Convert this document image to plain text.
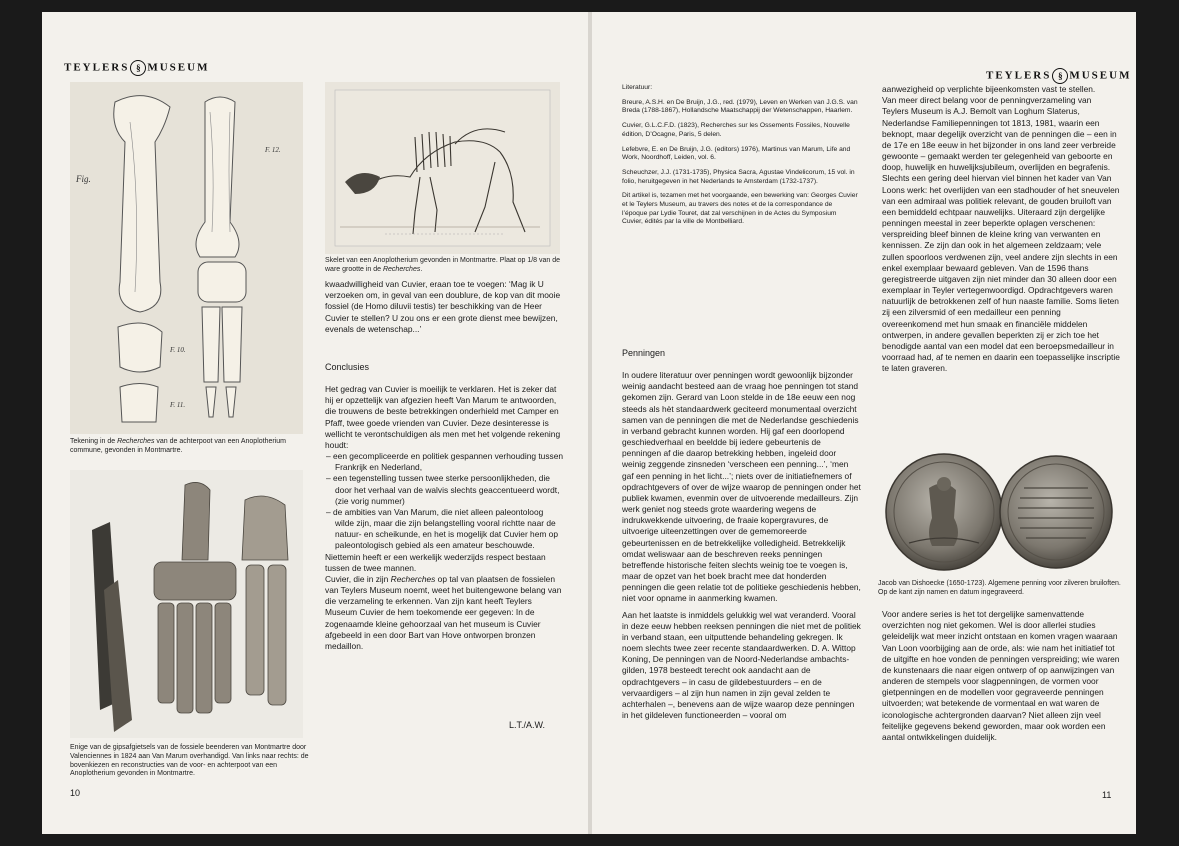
TEYLERS § MUSEUM
Fig.
F. 12.
F. 10.
F. 11.
Tekening in de Recherches van de achterpoot van een Anoplotherium commune, gevonden in Montmartre.
Enige van de gipsafgietsels van de fossiele beenderen van Montmartre door Valenciennes in 1824 aan Van Marum overhandigd. Van links naar rechts: de bovenkiezen en reconstructies van de voor- en achterpoot van een Anoplotherium gevonden in Montmartre.
Skelet van een Anoplotherium gevonden in Montmartre. Plaat op 1/8 van de ware grootte in de Recherches.

kwaadwilligheid van Cuvier, eraan toe te voegen: ‘Mag ik U verzoeken om, in geval van een doublure, de kop van dit mooie fossiel (de Homo diluvii testis) ter beschikking van de Heer Cuvier te stellen? U zou ons er een grote dienst mee bewijzen, evenals de wetenschap...’

Conclusies

Het gedrag van Cuvier is moeilijk te verklaren. Het is zeker dat hij er opzettelijk van afgezien heeft Van Marum te antwoorden, die trouwens de beste betrekkingen onderhield met Camper en Pfaff, twee goede vrienden van Cuvier. Deze desinteresse is wellicht te verontschuldigen als men met het volgende rekening houdt:

– een gecompliceerde en politiek gespannen verhouding tussen Frankrijk en Nederland,
– een tegenstelling tussen twee sterke persoonlijkheden, die door het verhaal van de walvis slechts geaccentueerd wordt, (zie vorig nummer)
– de ambities van Van Marum, die niet alleen paleontoloog wilde zijn, maar die zijn belangstelling vooral richtte naar de natuur- en scheikunde, en het is mogelijk dat Cuvier hem op paleontologisch gebied als een amateur beschouwde.

Niettemin heeft er een werkelijk wederzijds respect bestaan tussen de twee mannen.

Cuvier, die in zijn Recherches op tal van plaatsen de fossielen van Teylers Museum noemt, weet het buitengewone belang van die verzameling te erkennen. Van zijn kant heeft Teylers Museum Cuvier de hem toekomende eer gegeven: In de zogenaamde kleine gehoorzaal van het museum is Cuvier afgebeeld in een door Bart van Hove ontworpen bronzen medaillon.

L.T./A.W.
10
TEYLERS § MUSEUM

Literatuur:

Breure, A.S.H. en De Bruijn, J.G., red. (1979), Leven en Werken van J.G.S. van Breda (1788-1867), Hollandsche Maatschappij der Wetenschappen, Haarlem.

Cuvier, G.L.C.F.D. (1823), Recherches sur les Ossements Fossiles, Nouvelle édition, D’Ocagne, Paris, 5 delen.

Lefebvre, E. en De Bruijn, J.G. (editors) 1976), Martinus van Marum, Life and Work, Noordhoff, Leiden, vol. 6.

Scheuchzer, J.J. (1731-1735), Physica Sacra, Agustae Vindelicorum, 15 vol. in folio, heruitgegeven in het Nederlands te Amsterdam (1732-1737).

Dit artikel is, tezamen met het voorgaande, een bewerking van: Georges Cuvier et le Teylers Museum, au travers des notes et de la correspondance de l’époque par Lydie Touret, dat zal verschijnen in de Actes du Symposium Cuvier, édités par la ville de Montbelliard.

Penningen

In oudere literatuur over penningen wordt gewoonlijk bijzonder weinig aandacht besteed aan de vraag hoe penningen tot stand gekomen zijn. Gerard van Loon stelde in de 18e eeuw een nog steeds als hèt standaardwerk geciteerd monumentaal overzicht samen van de penningen die met de Nederlandse geschiedenis in verband gebracht kunnen worden. Hij gaf een doorlopend geschiedverhaal en beeldde bij iedere gebeurtenis de penningen af die daarop betrekking hebben, ingeleid door weinig zeggende zinsneden ‘verscheen een penning...’, ‘men gaf een penning in het licht...’; niets over de initiatiefnemers of opdrachtgevers of over de wijze waarop de penningen onder het publiek kwamen, evenmin over de uitvoerende medailleurs. Zijn werk geniet nog steeds grote waardering wegens de indrukwekkende uitvoering, de fraaie kopergravures, de uitvoerige uiteenzettingen over de gememoreerde gebeurtenissen en de betrekkelijke volledigheid. Betrekkelijk omdat weliswaar aan de beschreven reeks penningen betreffende historische feiten slechts weinig toe te voegen is, maar de opzet van het boek bracht mee dat honderden penningen die geen relatie tot de politieke geschiedenis hebben, niet voor opname in aanmerking kwamen.

Aan het laatste is inmiddels gelukkig wel wat veranderd. Vooral in deze eeuw hebben reeksen penningen die niet met de politiek in verband staan, een uitputtende behandeling gekregen. Ik noem slechts twee zeer recente standaardwerken. D. A. Wittop Koning, De penningen van de Noord-Nederlandse ambachts-gilden, 1978 besteedt terecht ook aandacht aan de opdrachtgevers – in casu de gildebestuurders – en de vervaardigers – al zijn hun namen in zijn geval zelden te achterhalen –, benevens aan de wijze waarop deze penningen in het gildeleven functioneerden – vooral om

aanwezigheid op verplichte bijeenkomsten vast te stellen.

Van meer direct belang voor de penningverzameling van Teylers Museum is A.J. Bemolt van Loghum Slaterus, Nederlandse Familiepenningen tot 1813, 1981, waarin een beknopt, maar degelijk overzicht van de penningen die – een in de 17e en 18e eeuw in het bijzonder in ons land zeer verbreide gewoonte – gemaakt werden ter gelegenheid van geboorte en doop, huwelijk en huwelijksjubileum, overlijden en begrafenis. Slechts een gering deel hiervan viel binnen het kader van Van Loons werk: het overlijden van een stadhouder of het sneuvelen van een admiraal was politiek relevant, de gouden bruiloft van een bemiddeld echtpaar nauwelijks. Uiteraard zijn dergelijke penningen meestal in zeer beperkte oplagen verschenen: verspreiding bleef binnen de kleine kring van verwanten en kennissen. Ze zijn dan ook in het algemeen zeldzaam; vele zullen spoorloos verdwenen zijn, veel andere zijn slechts in een enkel exemplaar bewaard gebleven. Van de 1596 thans geregistreerde uitgaven zijn niet minder dan 30 alleen door een exemplaar in Teyler vertegenwoordigd. Opdrachtgevers waren natuurlijk de betrokkenen zelf of hun naaste familie. Soms lieten zij een zilversmid of een medailleur een penning overeenkomend met hun smaak en financiële middelen ontwerpen, in andere gevallen beperkten zij er zich toe het benodigde aantal van een model dat een beroepsmedailleur in voorraad had, af te nemen en daarin een toepasselijke inscriptie te laten graveren.

Jacob van Dishoecke (1650-1723). Algemene penning voor zilveren bruiloften. Op de kant zijn namen en datum ingegraveerd.

Voor andere series is het tot dergelijke samenvattende overzichten nog niet gekomen. Wel is door allerlei studies geleidelijk wat meer inzicht ontstaan en komen vragen waaraan Van Loon voorbijging aan de orde, als: wie nam het initiatief tot de uitgifte en hoe vonden de penningen verspreiding; wie waren de kunstenaars die naar eigen ontwerp of op aanwijzingen van anderen de stempels voor slagpenningen, de vormen voor gietpenningen en de modellen voor gegraveerde penningen uitvoerden; wat betekende de vormentaal en wat waren de iconologische achtergronden daarvan? Niet alleen zijn veel feitelijke gegevens bekend geworden, maar ook worden een aantal ontwikkelingen duidelijk.

11
